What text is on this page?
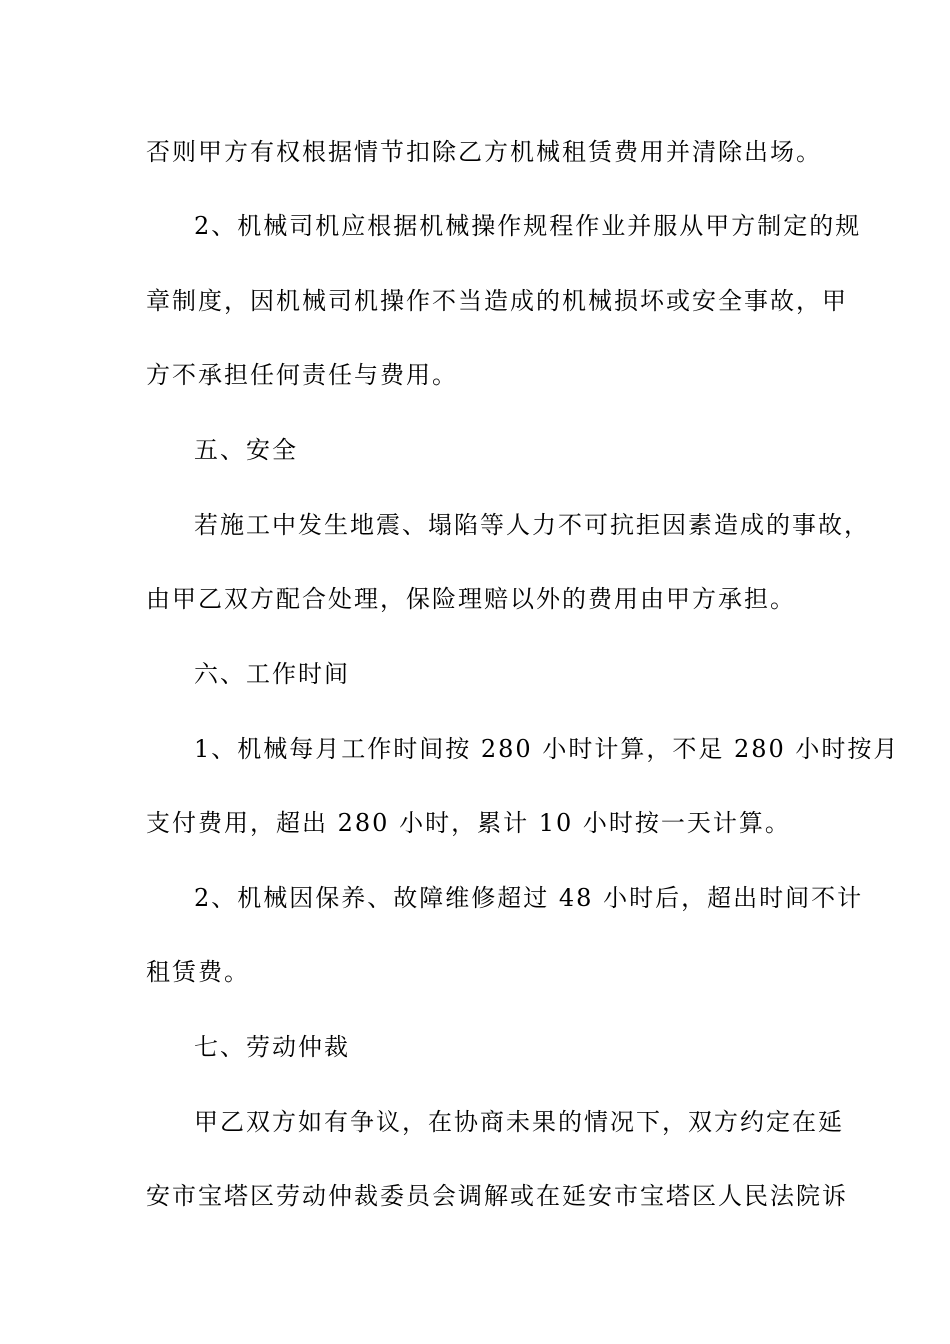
否则甲方有权根据情节扣除乙方机械租赁费用并清除出场。
2、机械司机应根据机械操作规程作业并服从甲方制定的规
章制度，因机械司机操作不当造成的机械损坏或安全事故，甲
方不承担任何责任与费用。
五、安全
若施工中发生地震、塌陷等人力不可抗拒因素造成的事故，
由甲乙双方配合处理，保险理赔以外的费用由甲方承担。
六、工作时间
1、机械每月工作时间按 280 小时计算，不足 280 小时按月
支付费用，超出 280 小时，累计 10 小时按一天计算。
2、机械因保养、故障维修超过 48 小时后，超出时间不计
租赁费。
七、劳动仲裁
甲乙双方如有争议，在协商未果的情况下，双方约定在延
安市宝塔区劳动仲裁委员会调解或在延安市宝塔区人民法院诉
